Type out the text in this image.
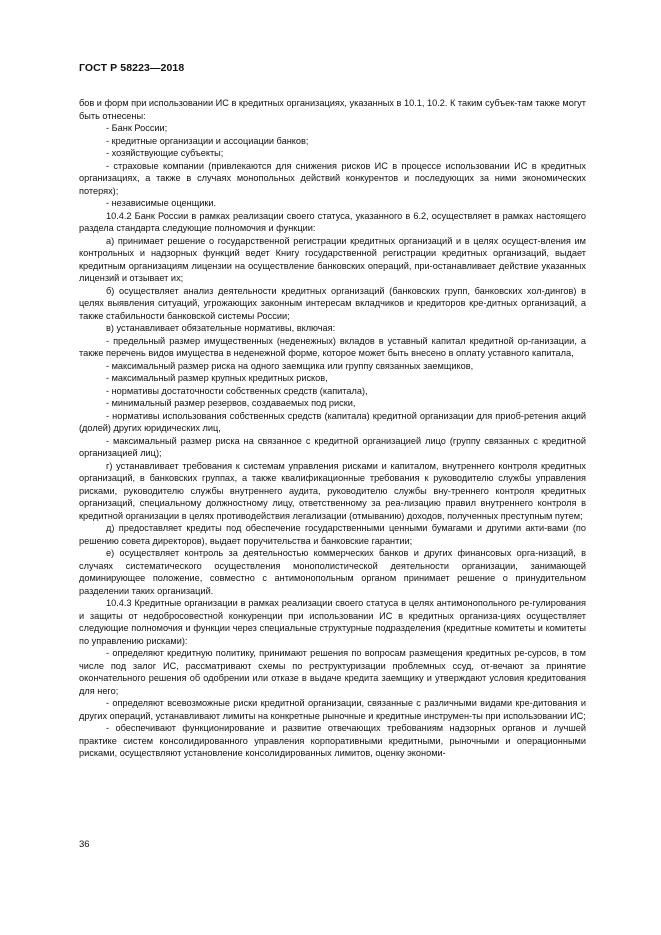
ГОСТ Р 58223—2018

бов и форм при использовании ИС в кредитных организациях, указанных в 10.1, 10.2. К таким субъек-там также могут быть отнесены:

- Банк России;

- кредитные организации и ассоциации банков;

- хозяйствующие субъекты;

- страховые компании (привлекаются для снижения рисков ИС в процессе использовании ИС в кредитных организациях, а также в случаях монопольных действий конкурентов и последующих за ними экономических потерях);

- независимые оценщики.

10.4.2 Банк России в рамках реализации своего статуса, указанного в 6.2, осуществляет в рамках настоящего раздела стандарта следующие полномочия и функции:

а) принимает решение о государственной регистрации кредитных организаций и в целях осущест-вления им контрольных и надзорных функций ведет Книгу государственной регистрации кредитных организаций, выдает кредитным организациям лицензии на осуществление банковских операций, при-останавливает действие указанных лицензий и отзывает их;

б) осуществляет анализ деятельности кредитных организаций (банковских групп, банковских хол-дингов) в целях выявления ситуаций, угрожающих законным интересам вкладчиков и кредиторов кре-дитных организаций, а также стабильности банковской системы России;

в) устанавливает обязательные нормативы, включая:

- предельный размер имущественных (неденежных) вкладов в уставный капитал кредитной ор-ганизации, а также перечень видов имущества в неденежной форме, которое может быть внесено в оплату уставного капитала,

- максимальный размер риска на одного заемщика или группу связанных заемщиков,

- максимальный размер крупных кредитных рисков,

- нормативы достаточности собственных средств (капитала),

- минимальный размер резервов, создаваемых под риски,

- нормативы использования собственных средств (капитала) кредитной организации для приоб-ретения акций (долей) других юридических лиц,

- максимальный размер риска на связанное с кредитной организацией лицо (группу связанных с кредитной организацией лиц);

г) устанавливает требования к системам управления рисками и капиталом, внутреннего контроля кредитных организаций, в банковских группах, а также квалификационные требования к руководителю службы управления рисками, руководителю службы внутреннего аудита, руководителю службы вну-треннего контроля кредитных организаций, специальному должностному лицу, ответственному за реа-лизацию правил внутреннего контроля в кредитной организации в целях противодействия легализации (отмыванию) доходов, полученных преступным путем;

д) предоставляет кредиты под обеспечение государственными ценными бумагами и другими акти-вами (по решению совета директоров), выдает поручительства и банковские гарантии;

е) осуществляет контроль за деятельностью коммерческих банков и других финансовых орга-низаций, в случаях систематического осуществления монополистической деятельности организации, занимающей доминирующее положение, совместно с антимонопольным органом принимает решение о принудительном разделении таких организаций.

10.4.3 Кредитные организации в рамках реализации своего статуса в целях антимонопольного ре-гулирования и защиты от недобросовестной конкуренции при использовании ИС в кредитных организа-циях осуществляет следующие полномочия и функции через специальные структурные подразделения (кредитные комитеты и комитеты по управлению рисками):

- определяют кредитную политику, принимают решения по вопросам размещения кредитных ре-сурсов, в том числе под залог ИС, рассматривают схемы по реструктуризации проблемных ссуд, от-вечают за принятие окончательного решения об одобрении или отказе в выдаче кредита заемщику и утверждают условия кредитования для него;

- определяют всевозможные риски кредитной организации, связанные с различными видами кре-дитования и других операций, устанавливают лимиты на конкретные рыночные и кредитные инструмен-ты при использовании ИС;

- обеспечивают функционирование и развитие отвечающих требованиям надзорных органов и лучшей практике систем консолидированного управления корпоративными кредитными, рыночными и операционными рисками, осуществляют установление консолидированных лимитов, оценку экономи-

36
